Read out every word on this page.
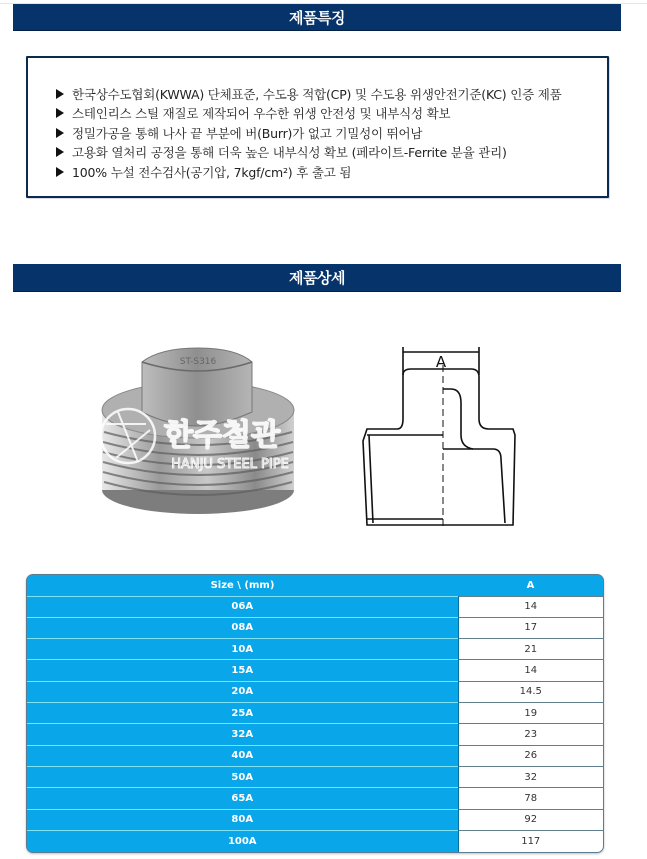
제품특징
한국상수도협회(KWWA) 단체표준, 수도용 적합(CP) 및 수도용 위생안전기준(KC) 인증 제품
스테인리스 스틸 재질로 제작되어 우수한 위생 안전성 및 내부식성 확보
정밀가공을 통해 나사 끝 부분에 버(Burr)가 없고 기밀성이 뛰어남
고용화 열처리 공정을 통해 더욱 높은 내부식성 확보 (페라이트-Ferrite 분율 관리)
100% 누설 전수검사(공기압, 7kgf/cm²) 후 출고 됨
제품상세
ST-S316
한주철관
HANJU STEEL PIPE
A
Size \ (mm)	A
06A	14
08A	17
10A	21
15A	14
20A	14.5
25A	19
32A	23
40A	26
50A	32
65A	78
80A	92
100A	117
